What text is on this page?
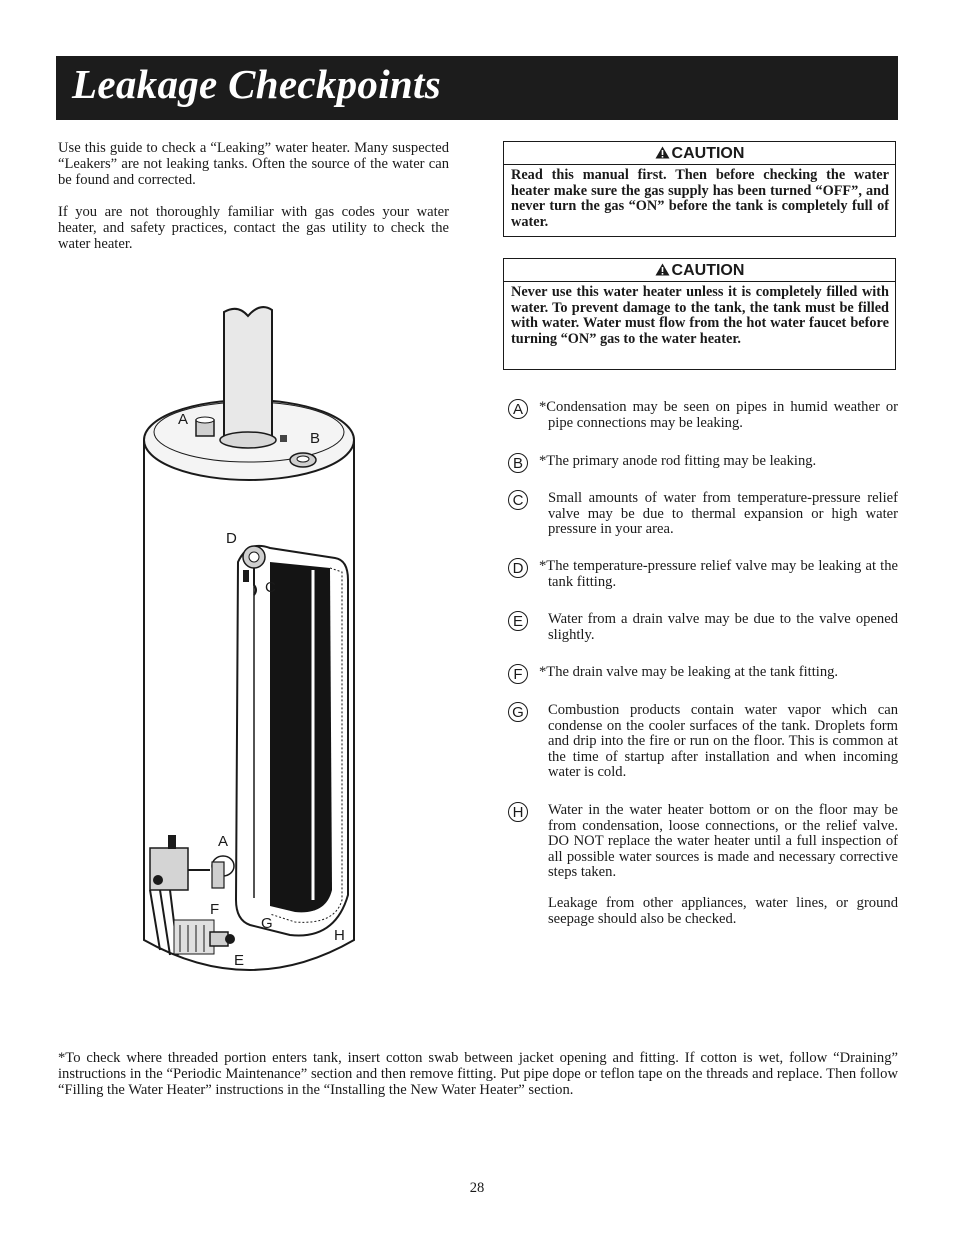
Leakage Checkpoints

Use this guide to check a “Leaking” water heater. Many suspected “Leakers” are not leaking tanks. Often the source of the water can be found and corrected.

If you are not thoroughly familiar with gas codes your water heater, and safety practices, contact the gas utility to check the water heater.

CAUTION
Read this manual first. Then before checking the water heater make sure the gas supply has been turned “OFF”, and never turn the gas “ON” before the tank is completely full of water.
CAUTION
Never use this water heater unless it is completely filled with water. To prevent damage to the tank, the tank must be filled with water. Water must flow from the hot water faucet before turning “ON” gas to the water heater.
A	*Condensation may be seen on pipes in humid weather or pipe connections may be leaking.
B	*The primary anode rod fitting may be leaking.
C	Small amounts of water from temperature-pressure relief valve may be due to thermal expansion or high water pressure in your area.
D	*The temperature-pressure relief valve may be leaking at the tank fitting.
E	Water from a drain valve may be due to the valve opened slightly.
F	*The drain valve may be leaking at the tank fitting.
G Combustion products contain water vapor which can condense on the cooler surfaces of the tank. Droplets form and drip into the fire or run on the floor. This is common at the time of startup after installation and when incoming water is cold.
H	Water in the water heater bottom or on the floor may be from condensation, loose connections, or the relief valve. DO NOT replace the water heater until a full inspection of all possible water sources is made and necessary corrective steps taken.

Leakage from other appliances, water lines, or ground seepage should also be checked.

A
B
D
C
A
F
G
H
E
*To check where threaded portion enters tank, insert cotton swab between jacket opening and fitting. If cotton is wet, follow “Draining” instructions in the “Periodic Maintenance” section and then remove fitting. Put pipe dope or teflon tape on the threads and replace. Then follow “Filling the Water Heater” instructions in the “Installing the New Water Heater” section.
28
